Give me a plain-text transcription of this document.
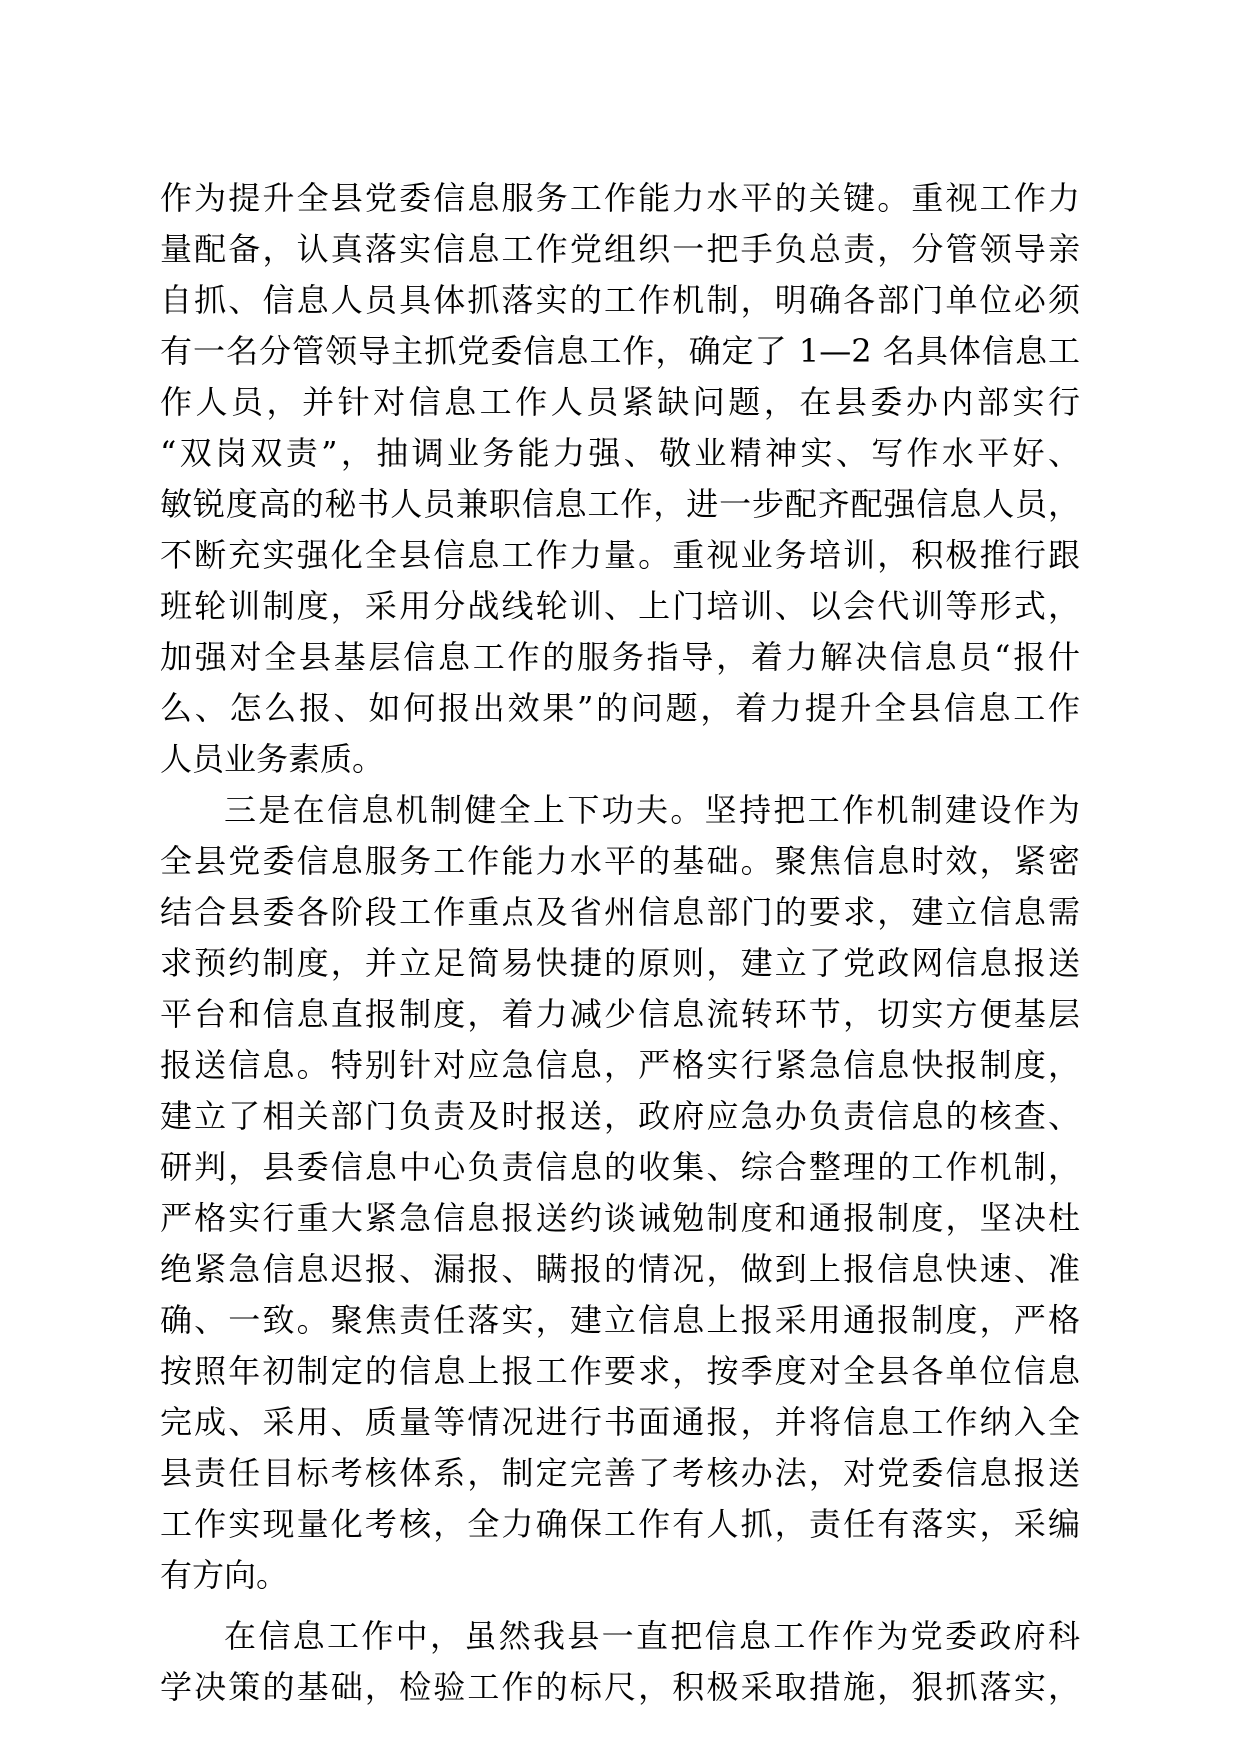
作为提升全县党委信息服务工作能力水平的关键。重视工作力
量配备，认真落实信息工作党组织一把手负总责，分管领导亲
自抓、信息人员具体抓落实的工作机制，明确各部门单位必须
有一名分管领导主抓党委信息工作，确定了 1—2 名具体信息工
作人员，并针对信息工作人员紧缺问题，在县委办内部实行
“双岗双责”，抽调业务能力强、敬业精神实、写作水平好、
敏锐度高的秘书人员兼职信息工作，进一步配齐配强信息人员，
不断充实强化全县信息工作力量。重视业务培训，积极推行跟
班轮训制度，采用分战线轮训、上门培训、以会代训等形式，
加强对全县基层信息工作的服务指导，着力解决信息员“报什
么、怎么报、如何报出效果”的问题，着力提升全县信息工作
人员业务素质。
三是在信息机制健全上下功夫。坚持把工作机制建设作为
全县党委信息服务工作能力水平的基础。聚焦信息时效，紧密
结合县委各阶段工作重点及省州信息部门的要求，建立信息需
求预约制度，并立足简易快捷的原则，建立了党政网信息报送
平台和信息直报制度，着力减少信息流转环节，切实方便基层
报送信息。特别针对应急信息，严格实行紧急信息快报制度，
建立了相关部门负责及时报送，政府应急办负责信息的核查、
研判，县委信息中心负责信息的收集、综合整理的工作机制，
严格实行重大紧急信息报送约谈诫勉制度和通报制度，坚决杜
绝紧急信息迟报、漏报、瞒报的情况，做到上报信息快速、准
确、一致。聚焦责任落实，建立信息上报采用通报制度，严格
按照年初制定的信息上报工作要求，按季度对全县各单位信息
完成、采用、质量等情况进行书面通报，并将信息工作纳入全
县责任目标考核体系，制定完善了考核办法，对党委信息报送
工作实现量化考核，全力确保工作有人抓，责任有落实，采编
有方向。
在信息工作中，虽然我县一直把信息工作作为党委政府科
学决策的基础，检验工作的标尺，积极采取措施，狠抓落实，
